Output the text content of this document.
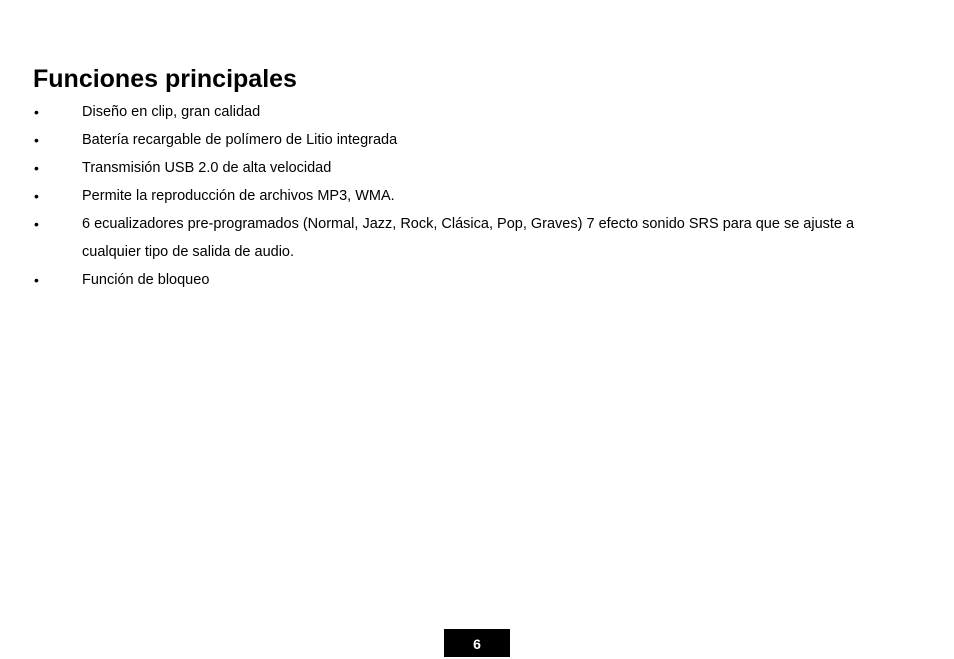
Funciones principales
•	Diseño en clip, gran calidad
•	Batería recargable de polímero de Litio integrada
•	Transmisión USB 2.0 de alta velocidad
•	Permite la reproducción de archivos MP3, WMA.
•	6 ecualizadores pre-programados (Normal, Jazz, Rock, Clásica, Pop, Graves) 7 efecto sonido SRS para que se ajuste a cualquier tipo de salida de audio.
•	Función de bloqueo
6
